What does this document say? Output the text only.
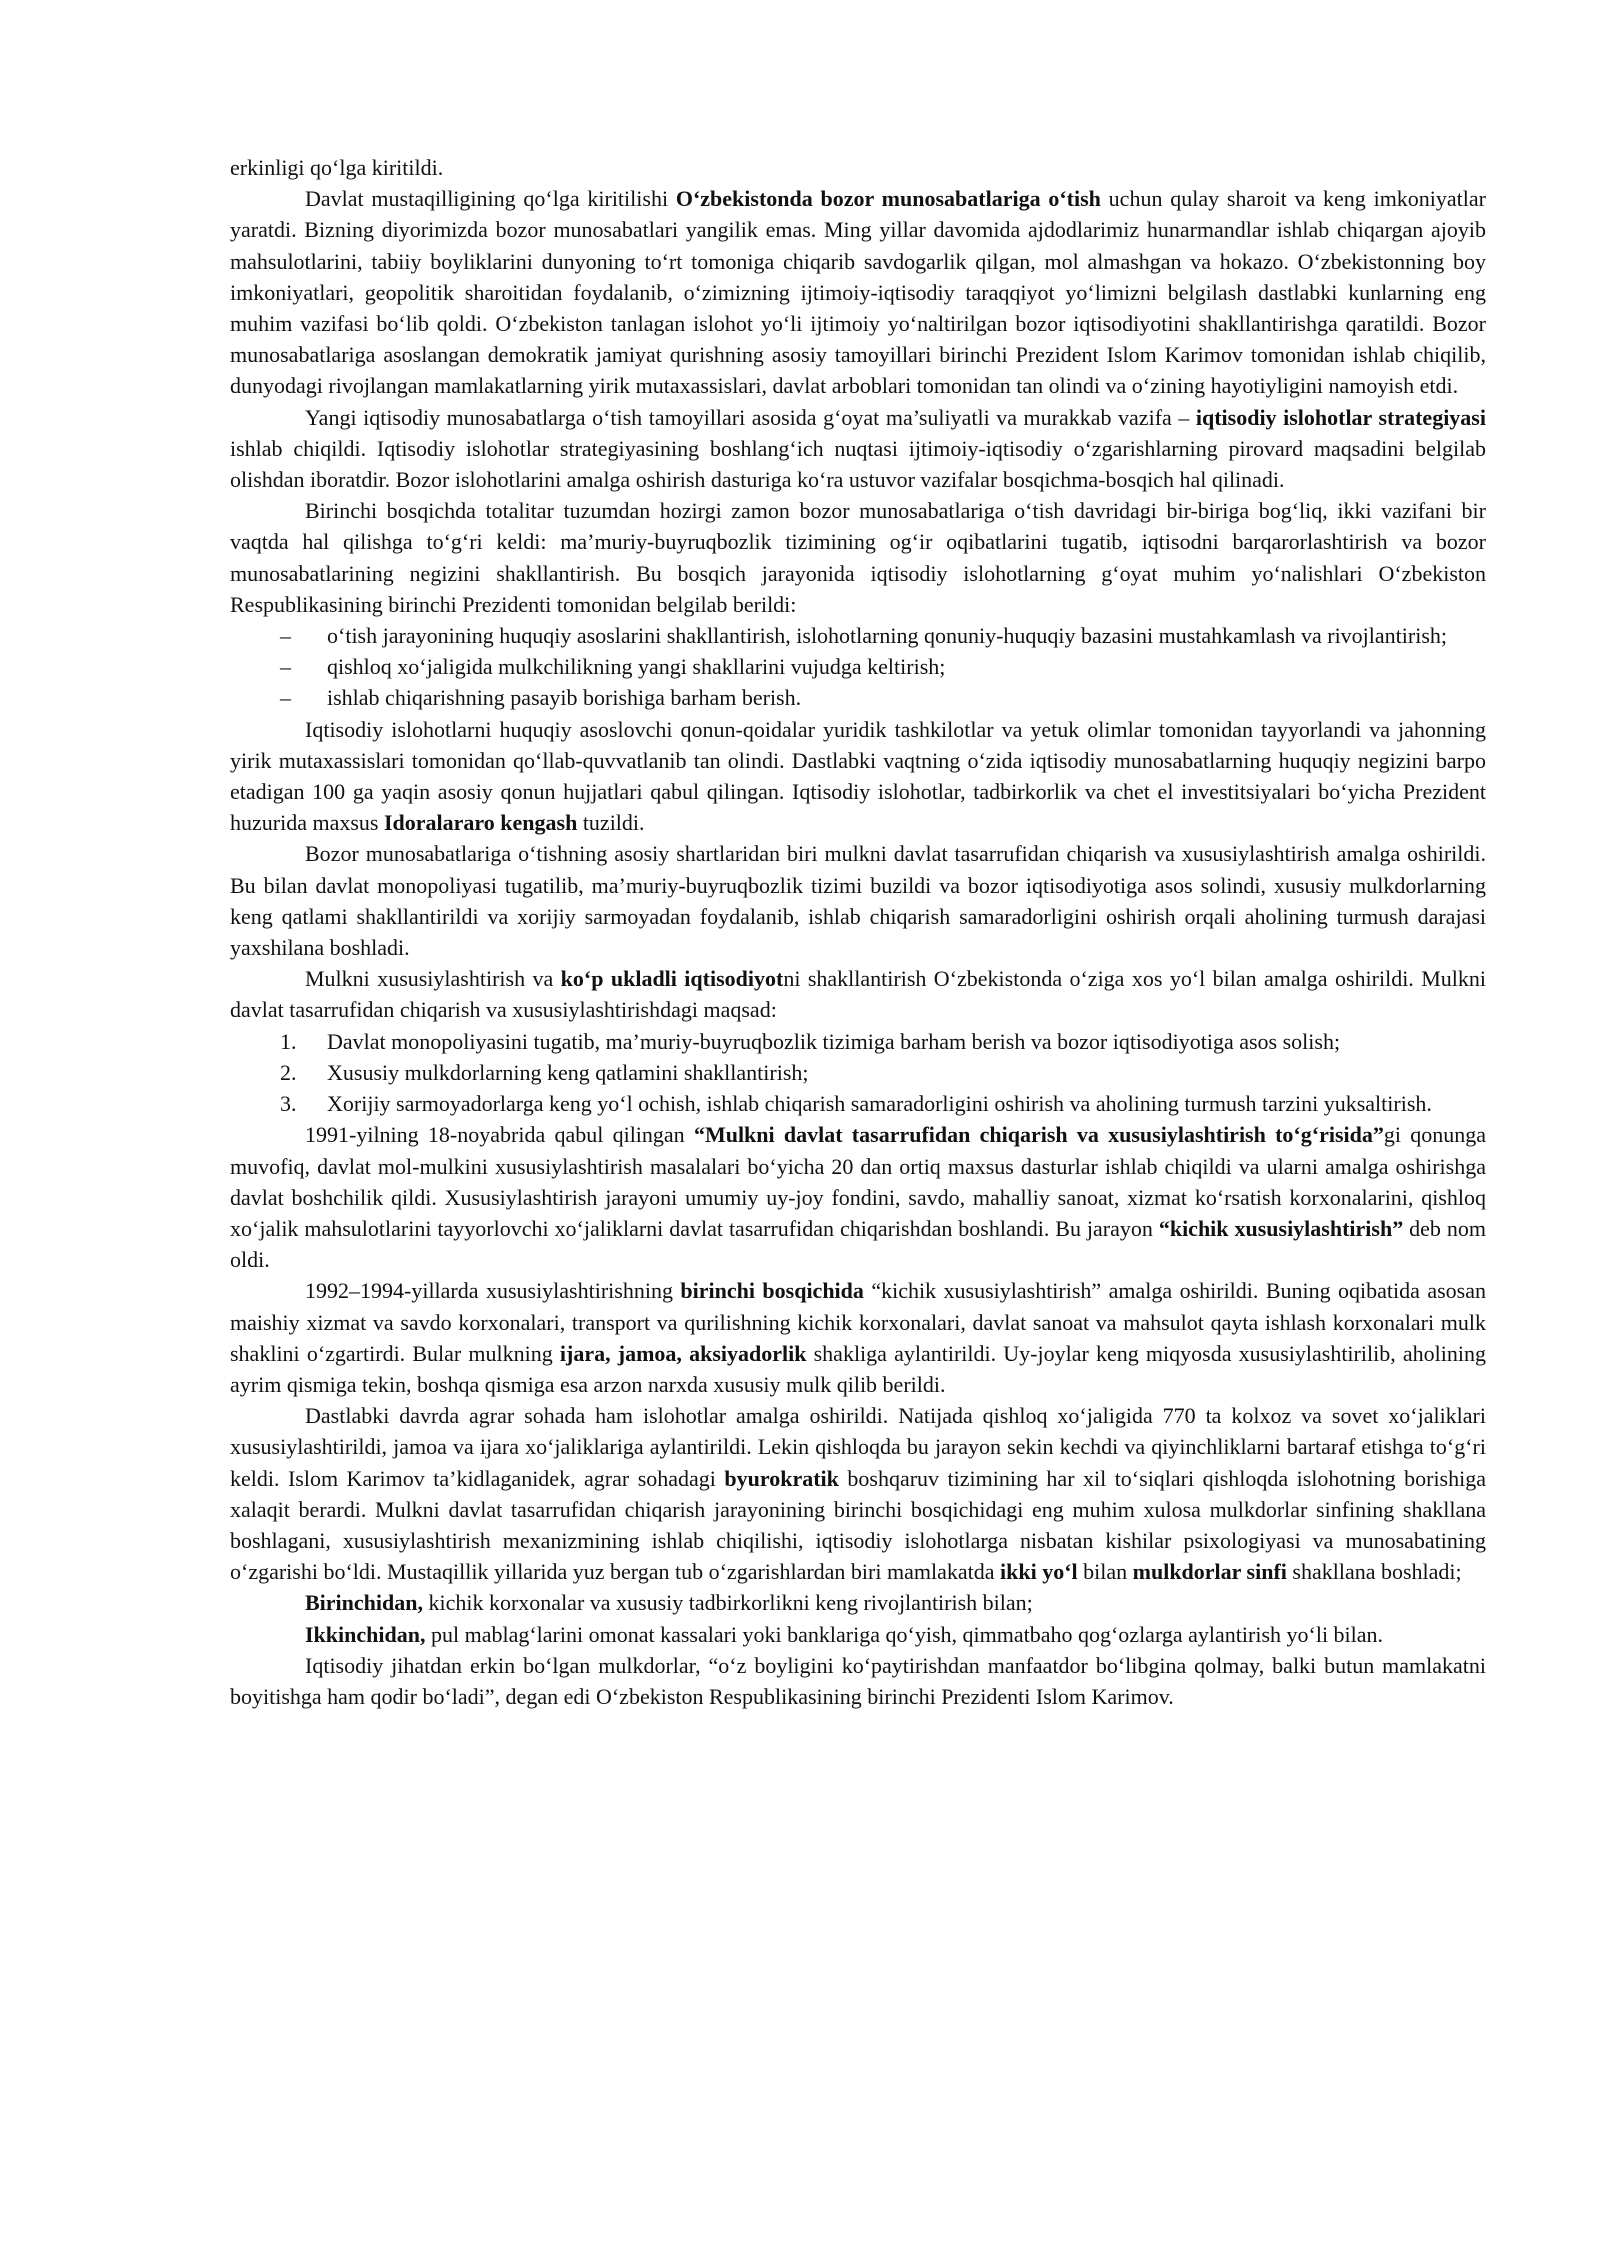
erkinligi qo‘lga kiritildi.

Davlat mustaqilligining qo‘lga kiritilishi O‘zbekistonda bozor munosabatlariga o‘tish uchun qulay sharoit va keng imkoniyatlar yaratdi. Bizning diyorimizda bozor munosabatlari yangilik emas. Ming yillar davomida ajdodlarimiz hunarmandlar ishlab chiqargan ajoyib mahsulotlarini, tabiiy boyliklarini dunyoning to‘rt tomoniga chiqarib savdogarlik qilgan, mol almashgan va hokazo. O‘zbekistonning boy imkoniyatlari, geopolitik sharoitidan foydalanib, o‘zimizning ijtimoiy-iqtisodiy taraqqiyot yo‘limizni belgilash dastlabki kunlarning eng muhim vazifasi bo‘lib qoldi. O‘zbekiston tanlagan islohot yo‘li ijtimoiy yo‘naltirilgan bozor iqtisodiyotini shakllantirishga qaratildi. Bozor munosabatlariga asoslangan demokratik jamiyat qurishning asosiy tamoyillari birinchi Prezident Islom Karimov tomonidan ishlab chiqilib, dunyodagi rivojlangan mamlakatlarning yirik mutaxassislari, davlat arboblari tomonidan tan olindi va o‘zining hayotiyligini namoyish etdi.

Yangi iqtisodiy munosabatlarga o‘tish tamoyillari asosida g‘oyat ma’suliyatli va murakkab vazifa – iqtisodiy islohotlar strategiyasi ishlab chiqildi. Iqtisodiy islohotlar strategiyasining boshlang‘ich nuqtasi ijtimoiy-iqtisodiy o‘zgarishlarning pirovard maqsadini belgilab olishdan iboratdir. Bozor islohotlarini amalga oshirish dasturiga ko‘ra ustuvor vazifalar bosqichma-bosqich hal qilinadi.

Birinchi bosqichda totalitar tuzumdan hozirgi zamon bozor munosabatlariga o‘tish davridagi bir-biriga bog‘liq, ikki vazifani bir vaqtda hal qilishga to‘g‘ri keldi: ma’muriy-buyruqbozlik tizimining og‘ir oqibatlarini tugatib, iqtisodni barqarorlashtirish va bozor munosabatlarining negizini shakllantirish. Bu bosqich jarayonida iqtisodiy islohotlarning g‘oyat muhim yo‘nalishlari O‘zbekiston Respublikasining birinchi Prezidenti tomonidan belgilab berildi:

– o‘tish jarayonining huquqiy asoslarini shakllantirish, islohotlarning qonuniy-huquqiy bazasini mustahkamlash va rivojlantirish;
– qishloq xo‘jaligida mulkchilikning yangi shakllarini vujudga keltirish;
– ishlab chiqarishning pasayib borishiga barham berish.

Iqtisodiy islohotlarni huquqiy asoslovchi qonun-qoidalar yuridik tashkilotlar va yetuk olimlar tomonidan tayyorlandi va jahonning yirik mutaxassislari tomonidan qo‘llab-quvvatlanib tan olindi. Dastlabki vaqtning o‘zida iqtisodiy munosabatlarning huquqiy negizini barpo etadigan 100 ga yaqin asosiy qonun hujjatlari qabul qilingan. Iqtisodiy islohotlar, tadbirkorlik va chet el investitsiyalari bo‘yicha Prezident huzurida maxsus Idoralararo kengash tuzildi.

Bozor munosabatlariga o‘tishning asosiy shartlaridan biri mulkni davlat tasarrufidan chiqarish va xususiylashtirish amalga oshirildi. Bu bilan davlat monopoliyasi tugatilib, ma’muriy-buyruqbozlik tizimi buzildi va bozor iqtisodiyotiga asos solindi, xususiy mulkdorlarning keng qatlami shakllantirildi va xorijiy sarmoyadan foydalanib, ishlab chiqarish samaradorligini oshirish orqali aholining turmush darajasi yaxshilana boshladi.

Mulkni xususiylashtirish va ko‘p ukladli iqtisodiyotni shakllantirish O‘zbekistonda o‘ziga xos yo‘l bilan amalga oshirildi. Mulkni davlat tasarrufidan chiqarish va xususiylashtirishdagi maqsad:

1. Davlat monopoliyasini tugatib, ma’muriy-buyruqbozlik tizimiga barham berish va bozor iqtisodiyotiga asos solish;
2. Xususiy mulkdorlarning keng qatlamini shakllantirish;
3. Xorijiy sarmoyadorlarga keng yo‘l ochish, ishlab chiqarish samaradorligini oshirish va aholining turmush tarzini yuksaltirish.

1991-yilning 18-noyabrida qabul qilingan “Mulkni davlat tasarrufidan chiqarish va xususiylashtirish to‘g‘risida”gi qonunga muvofiq, davlat mol-mulkini xususiylashtirish masalalari bo‘yicha 20 dan ortiq maxsus dasturlar ishlab chiqildi va ularni amalga oshirishga davlat boshchilik qildi. Xususiylashtirish jarayoni umumiy uy-joy fondini, savdo, mahalliy sanoat, xizmat ko‘rsatish korxonalarini, qishloq xo‘jalik mahsulotlarini tayyorlovchi xo‘jaliklarni davlat tasarrufidan chiqarishdan boshlandi. Bu jarayon “kichik xususiylashtirish” deb nom oldi.

1992–1994-yillarda xususiylashtirishning birinchi bosqichida “kichik xususiylashtirish” amalga oshirildi. Buning oqibatida asosan maishiy xizmat va savdo korxonalari, transport va qurilishning kichik korxonalari, davlat sanoat va mahsulot qayta ishlash korxonalari mulk shaklini o‘zgartirdi. Bular mulkning ijara, jamoa, aksiyadorlik shakliga aylantirildi. Uy-joylar keng miqyosda xususiylashtirilib, aholining ayrim qismiga tekin, boshqa qismiga esa arzon narxda xususiy mulk qilib berildi.

Dastlabki davrda agrar sohada ham islohotlar amalga oshirildi. Natijada qishloq xo‘jaligida 770 ta kolxoz va sovet xo‘jaliklari xususiylashtirildi, jamoa va ijara xo‘jaliklariga aylantirildi. Lekin qishloqda bu jarayon sekin kechdi va qiyinchliklarni bartaraf etishga to‘g‘ri keldi. Islom Karimov ta’kidlaganidek, agrar sohadagi byurokratik boshqaruv tizimining har xil to‘siqlari qishloqda islohotning borishiga xalaqit berardi. Mulkni davlat tasarrufidan chiqarish jarayonining birinchi bosqichidagi eng muhim xulosa mulkdorlar sinfining shakllana boshlagani, xususiylashtirish mexanizmining ishlab chiqilishi, iqtisodiy islohotlarga nisbatan kishilar psixologiyasi va munosabatining o‘zgarishi bo‘ldi. Mustaqillik yillarida yuz bergan tub o‘zgarishlardan biri mamlakatda ikki yo‘l bilan mulkdorlar sinfi shakllana boshladi;

Birinchidan, kichik korxonalar va xususiy tadbirkorlikni keng rivojlantirish bilan;

Ikkinchidan, pul mablag‘larini omonat kassalari yoki banklariga qo‘yish, qimmatbaho qog‘ozlarga aylantirish yo‘li bilan.

Iqtisodiy jihatdan erkin bo‘lgan mulkdorlar, “o‘z boyligini ko‘paytirishdan manfaatdor bo‘libgina qolmay, balki butun mamlakatni boyitishga ham qodir bo‘ladi”, degan edi O‘zbekiston Respublikasining birinchi Prezidenti Islom Karimov.
